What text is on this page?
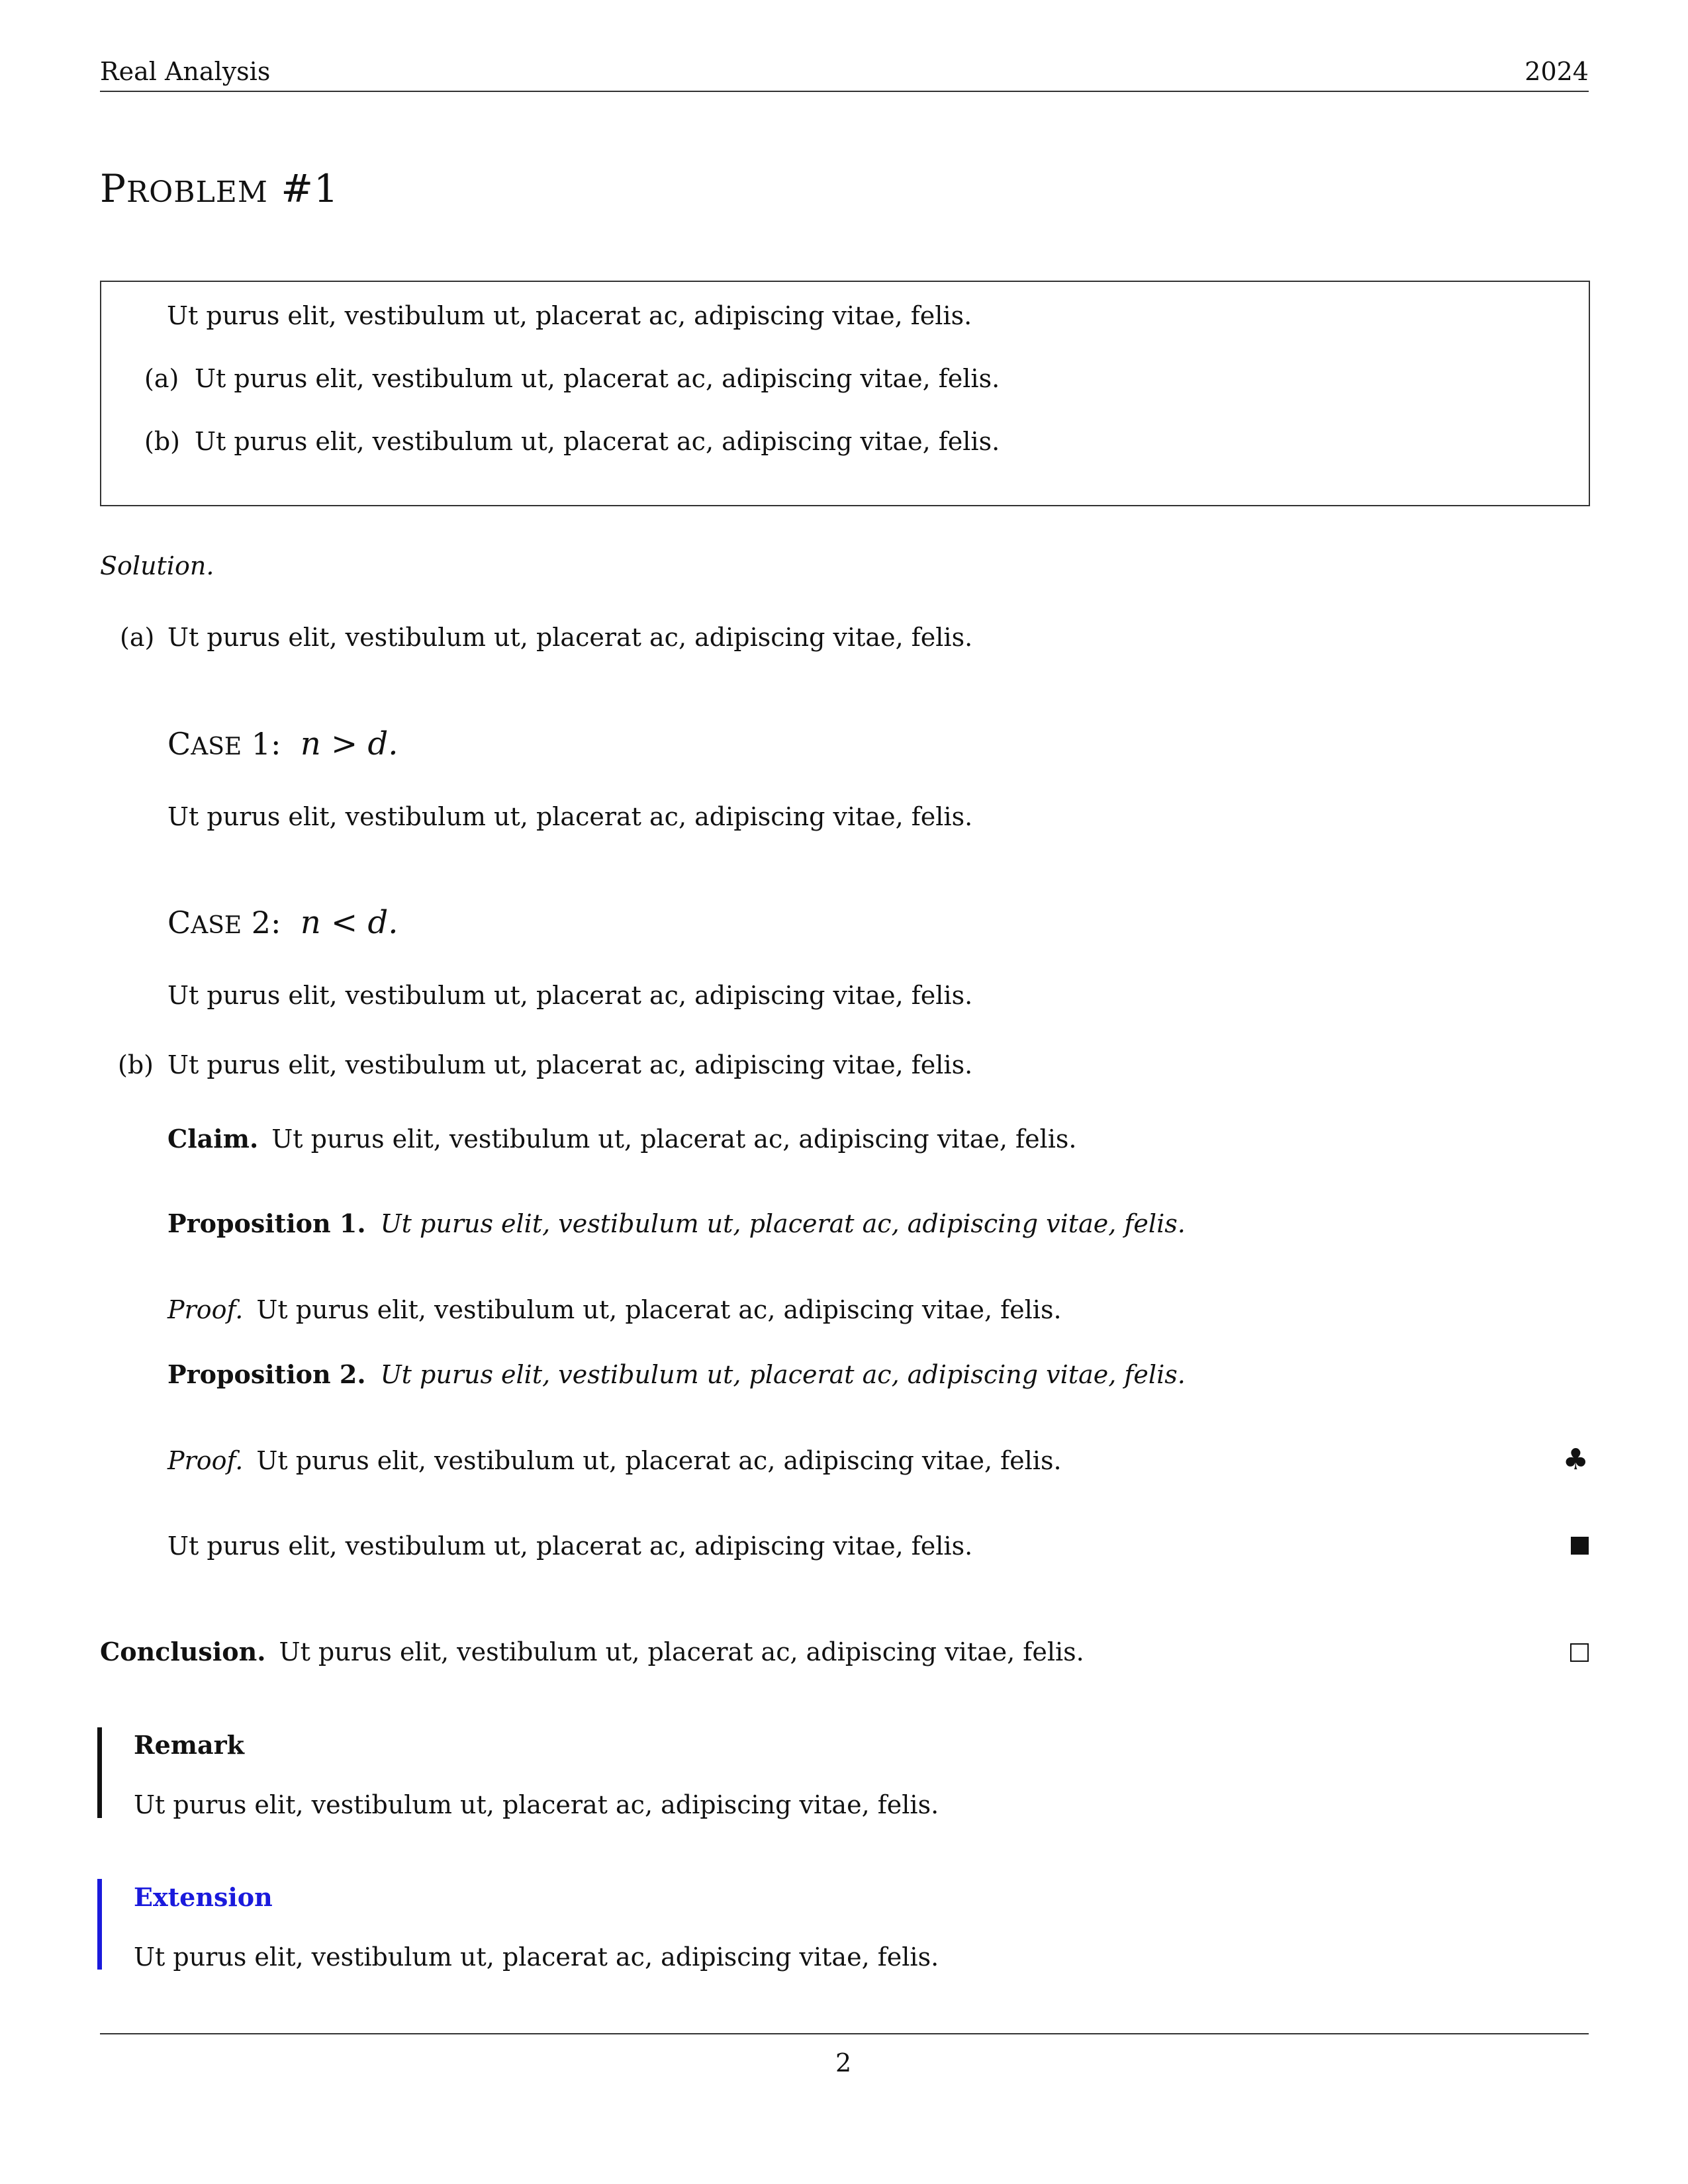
Real Analysis	2024
PROBLEM #1
Ut purus elit, vestibulum ut, placerat ac, adipiscing vitae, felis.
(a) Ut purus elit, vestibulum ut, placerat ac, adipiscing vitae, felis.
(b) Ut purus elit, vestibulum ut, placerat ac, adipiscing vitae, felis.
Solution.
(a) Ut purus elit, vestibulum ut, placerat ac, adipiscing vitae, felis.
CASE 1: n > d.
Ut purus elit, vestibulum ut, placerat ac, adipiscing vitae, felis.
CASE 2: n < d.
Ut purus elit, vestibulum ut, placerat ac, adipiscing vitae, felis.
(b) Ut purus elit, vestibulum ut, placerat ac, adipiscing vitae, felis.
Claim. Ut purus elit, vestibulum ut, placerat ac, adipiscing vitae, felis.
Proposition 1. Ut purus elit, vestibulum ut, placerat ac, adipiscing vitae, felis.
Proof. Ut purus elit, vestibulum ut, placerat ac, adipiscing vitae, felis.
Proposition 2. Ut purus elit, vestibulum ut, placerat ac, adipiscing vitae, felis.
Proof. Ut purus elit, vestibulum ut, placerat ac, adipiscing vitae, felis.	♣
Ut purus elit, vestibulum ut, placerat ac, adipiscing vitae, felis.
Conclusion. Ut purus elit, vestibulum ut, placerat ac, adipiscing vitae, felis.
Remark
Ut purus elit, vestibulum ut, placerat ac, adipiscing vitae, felis.
Extension
Ut purus elit, vestibulum ut, placerat ac, adipiscing vitae, felis.
2
